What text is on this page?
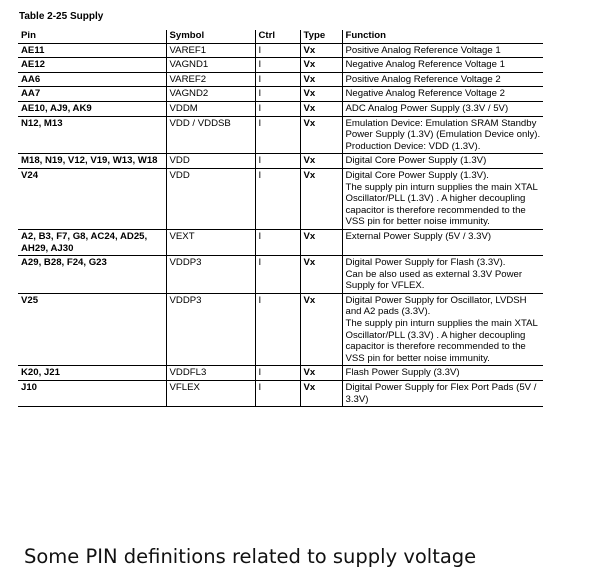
Table 2-25 Supply
Pin	Symbol	Ctrl	Type	Function
AE11	VAREF1	I	Vx	Positive Analog Reference Voltage 1

AE12	VAGND1	I	Vx	Negative Analog Reference Voltage 1

AA6	VAREF2	I	Vx	Positive Analog Reference Voltage 2

AA7	VAGND2	I	Vx	Negative Analog Reference Voltage 2

AE10, AJ9, AK9	VDDM	I	Vx	ADC Analog Power Supply (3.3V / 5V)

N12, M13	VDD / VDDSB	I	Vx	Emulation Device: Emulation SRAM Standby Power Supply (1.3V) (Emulation Device only).
Production Device: VDD (1.3V).

M18, N19, V12, V19, W13, W18	VDD	I	Vx	Digital Core Power Supply (1.3V)

V24	VDD	I	Vx	Digital Core Power Supply (1.3V).
The supply pin inturn supplies the main XTAL Oscillator/PLL (1.3V) . A higher decoupling capacitor is therefore recommended to the VSS pin for better noise immunity.

A2, B3, F7, G8, AC24, AD25, AH29, AJ30	VEXT	I	Vx	External Power Supply (5V / 3.3V)

A29, B28, F24, G23	VDDP3	I	Vx	Digital Power Supply for Flash (3.3V).
Can be also used as external 3.3V Power Supply for VFLEX.

V25	VDDP3	I	Vx	Digital Power Supply for Oscillator, LVDSH and A2 pads (3.3V).
The supply pin inturn supplies the main XTAL Oscillator/PLL (3.3V) . A higher decoupling capacitor is therefore recommended to the VSS pin for better noise immunity.

K20, J21	VDDFL3	I	Vx	Flash Power Supply (3.3V)

J10	VFLEX	I	Vx	Digital Power Supply for Flex Port Pads (5V / 3.3V)
Some PIN definitions related to supply voltage
